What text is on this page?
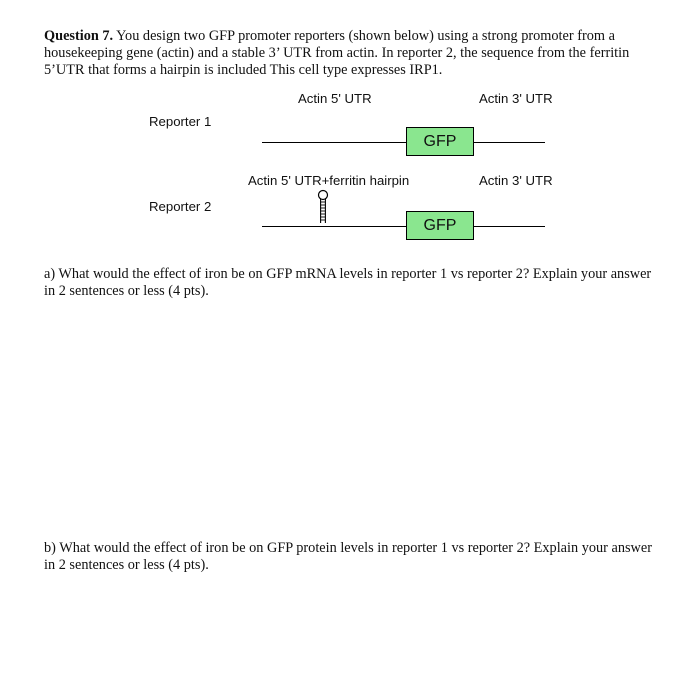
Question 7. You design two GFP promoter reporters (shown below) using a strong promoter from a housekeeping gene (actin) and a stable 3’ UTR from actin. In reporter 2, the sequence from the ferritin 5’UTR that forms a hairpin is included This cell type expresses IRP1.
Actin 5' UTR	Actin 3' UTR
Reporter 1
GFP
Actin 5' UTR+ferritin hairpin	Actin 3' UTR
Reporter 2
GFP
a) What would the effect of iron be on GFP mRNA levels in reporter 1 vs reporter 2? Explain your answer in 2 sentences or less (4 pts).
b) What would the effect of iron be on GFP protein levels in reporter 1 vs reporter 2? Explain your answer in 2 sentences or less (4 pts).
